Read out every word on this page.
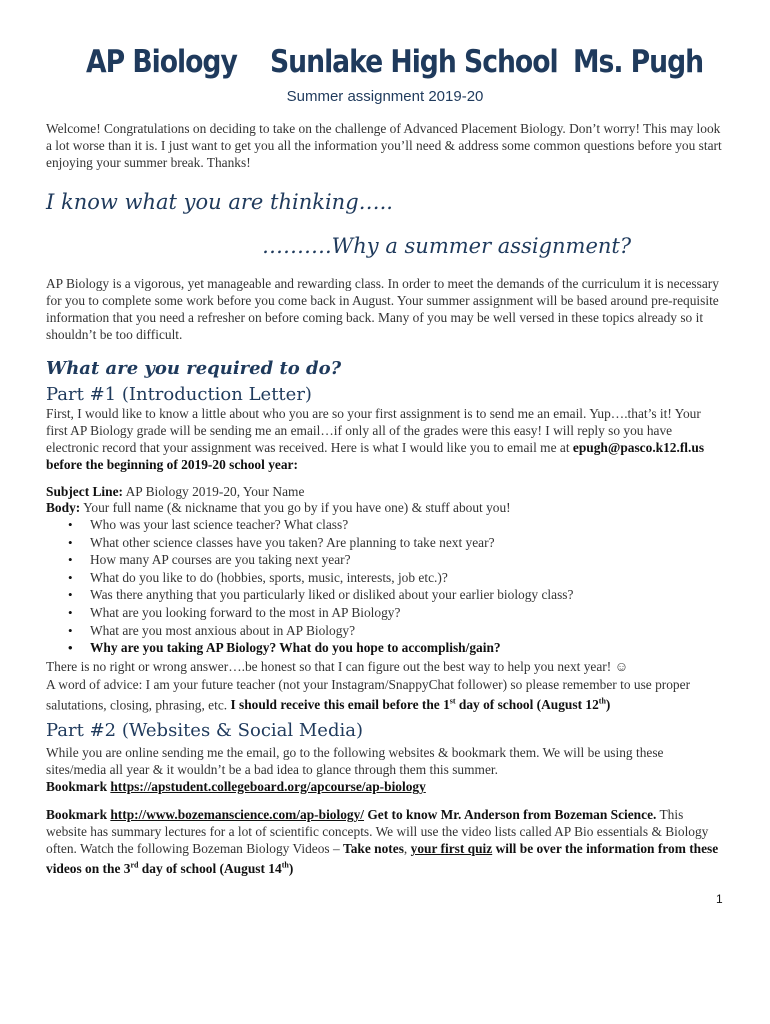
AP Biology Sunlake High School Ms. Pugh
Summer assignment 2019-20
Welcome! Congratulations on deciding to take on the challenge of Advanced Placement Biology. Don’t worry! This may look a lot worse than it is. I just want to get you all the information you’ll need & address some common questions before you start enjoying your summer break. Thanks!
I know what you are thinking…..
……….Why a summer assignment?
AP Biology is a vigorous, yet manageable and rewarding class. In order to meet the demands of the curriculum it is necessary for you to complete some work before you come back in August. Your summer assignment will be based around pre-requisite information that you need a refresher on before coming back. Many of you may be well versed in these topics already so it shouldn’t be too difficult.
What are you required to do?
Part #1 (Introduction Letter)
First, I would like to know a little about who you are so your first assignment is to send me an email. Yup….that’s it! Your first AP Biology grade will be sending me an email…if only all of the grades were this easy! I will reply so you have electronic record that your assignment was received. Here is what I would like you to email me at epugh@pasco.k12.fl.us before the beginning of 2019-20 school year:
Subject Line: AP Biology 2019-20, Your Name
Body: Your full name (& nickname that you go by if you have one) & stuff about you!
• Who was your last science teacher? What class?
• What other science classes have you taken? Are planning to take next year?
• How many AP courses are you taking next year?
• What do you like to do (hobbies, sports, music, interests, job etc.)?
• Was there anything that you particularly liked or disliked about your earlier biology class?
• What are you looking forward to the most in AP Biology?
• What are you most anxious about in AP Biology?
• Why are you taking AP Biology? What do you hope to accomplish/gain?
There is no right or wrong answer….be honest so that I can figure out the best way to help you next year! ☺
A word of advice: I am your future teacher (not your Instagram/SnappyChat follower) so please remember to use proper salutations, closing, phrasing, etc. I should receive this email before the 1st day of school (August 12th)
Part #2 (Websites & Social Media)
While you are online sending me the email, go to the following websites & bookmark them. We will be using these sites/media all year & it wouldn’t be a bad idea to glance through them this summer.
Bookmark https://apstudent.collegeboard.org/apcourse/ap-biology
Bookmark http://www.bozemanscience.com/ap-biology/ Get to know Mr. Anderson from Bozeman Science. This website has summary lectures for a lot of scientific concepts. We will use the video lists called AP Bio essentials & Biology often. Watch the following Bozeman Biology Videos – Take notes, your first quiz will be over the information from these videos on the 3rd day of school (August 14th)
1
